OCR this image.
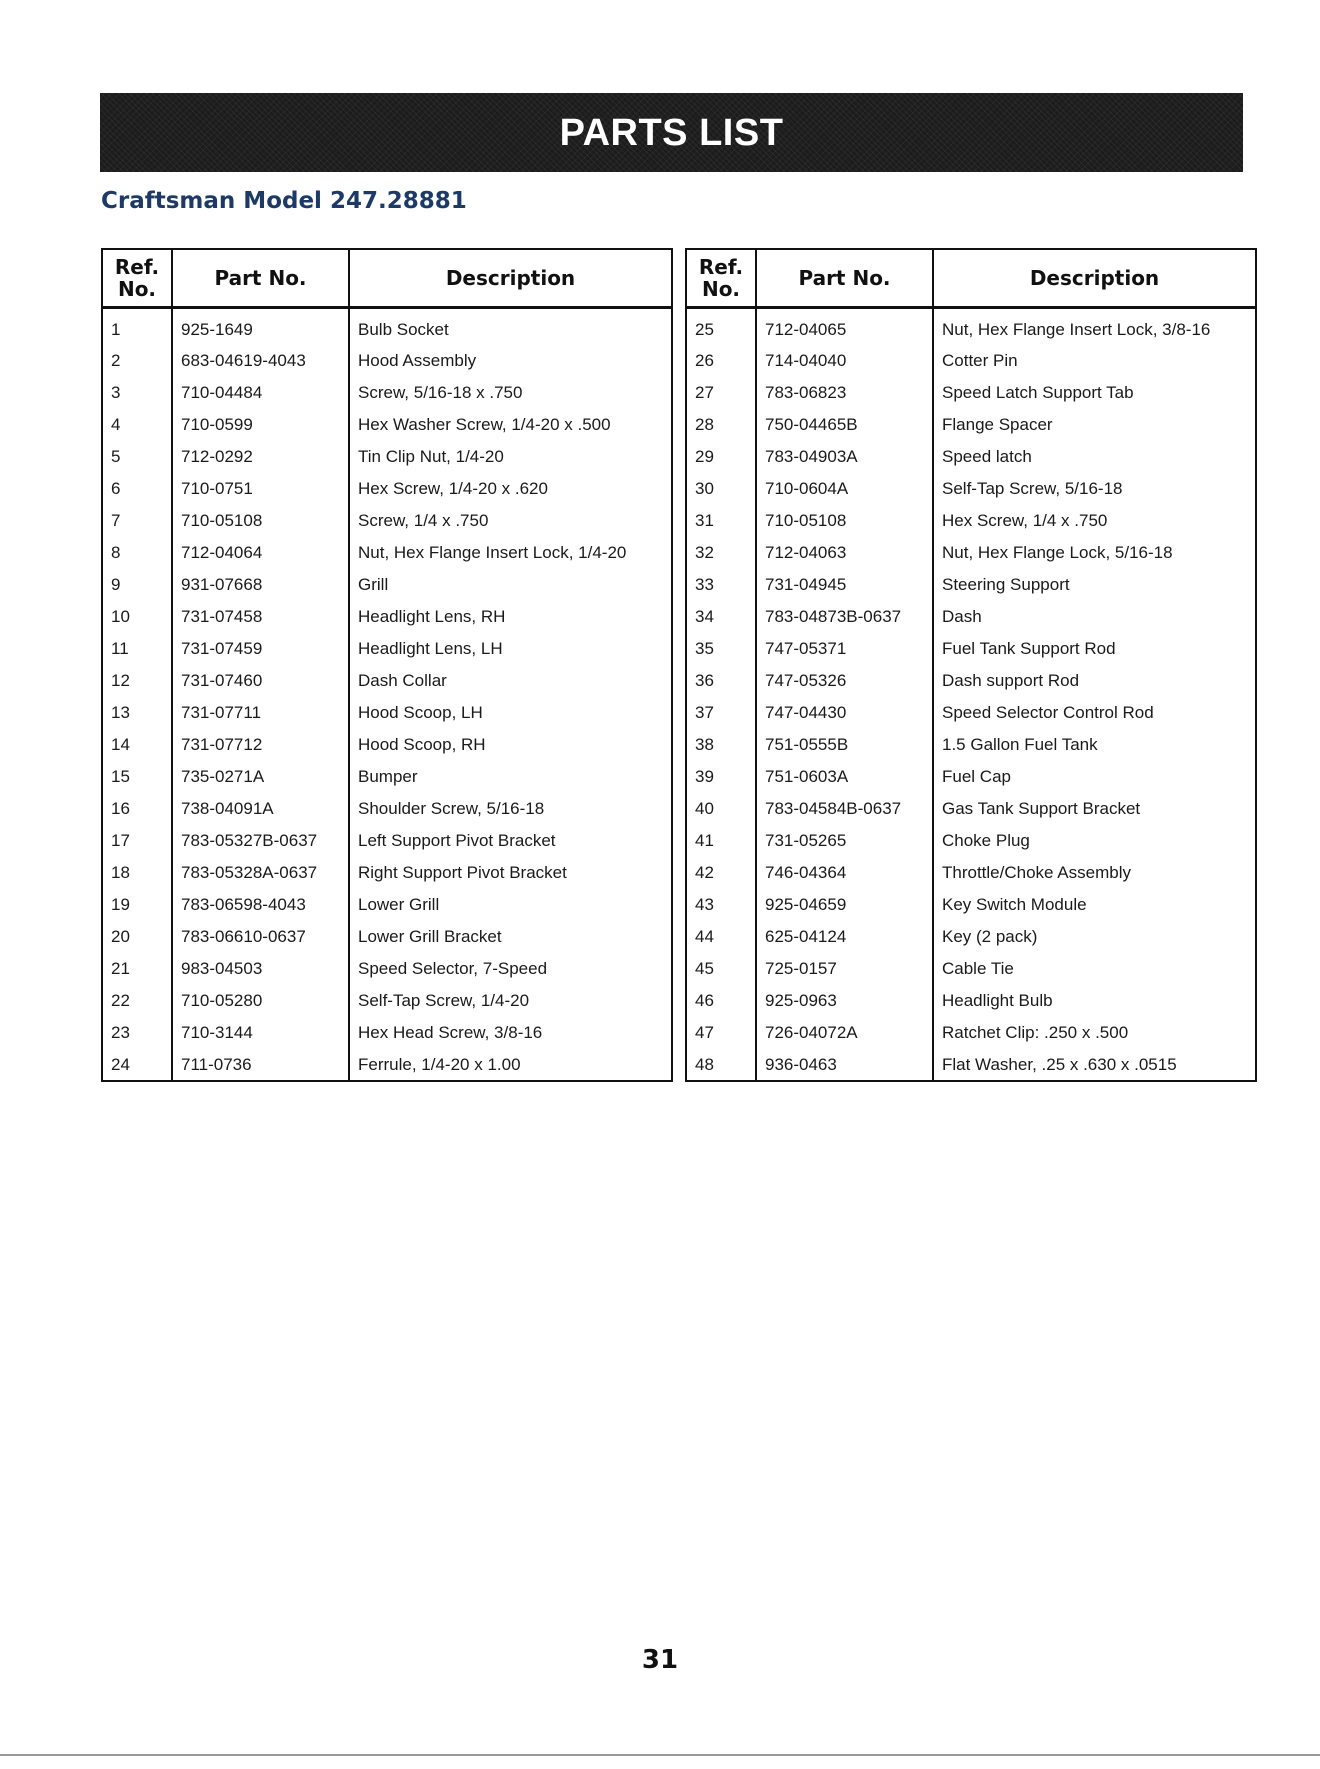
PARTS LIST
Craftsman Model 247.28881
Ref. No.	Part No.	Description
1	925-1649	Bulb Socket
2	683-04619-4043	Hood Assembly
3	710-04484	Screw, 5/16-18 x .750
4	710-0599	Hex Washer Screw, 1/4-20 x .500
5	712-0292	Tin Clip Nut, 1/4-20
6	710-0751	Hex Screw, 1/4-20 x .620
7	710-05108	Screw, 1/4 x .750
8	712-04064	Nut, Hex Flange Insert Lock, 1/4-20
9	931-07668	Grill
10	731-07458	Headlight Lens, RH
11	731-07459	Headlight Lens, LH
12	731-07460	Dash Collar
13	731-07711	Hood Scoop, LH
14	731-07712	Hood Scoop, RH
15	735-0271A	Bumper
16	738-04091A	Shoulder Screw, 5/16-18
17	783-05327B-0637	Left Support Pivot Bracket
18	783-05328A-0637	Right Support Pivot Bracket
19	783-06598-4043	Lower Grill
20	783-06610-0637	Lower Grill Bracket
21	983-04503	Speed Selector, 7-Speed
22	710-05280	Self-Tap Screw, 1/4-20
23	710-3144	Hex Head Screw, 3/8-16
24	711-0736	Ferrule, 1/4-20 x 1.00
Ref. No.	Part No.	Description
25	712-04065	Nut, Hex Flange Insert Lock, 3/8-16
26	714-04040	Cotter Pin
27	783-06823	Speed Latch Support Tab
28	750-04465B	Flange Spacer
29	783-04903A	Speed latch
30	710-0604A	Self-Tap Screw, 5/16-18
31	710-05108	Hex Screw, 1/4 x .750
32	712-04063	Nut, Hex Flange Lock, 5/16-18
33	731-04945	Steering Support
34	783-04873B-0637	Dash
35	747-05371	Fuel Tank Support Rod
36	747-05326	Dash support Rod
37	747-04430	Speed Selector Control Rod
38	751-0555B	1.5 Gallon Fuel Tank
39	751-0603A	Fuel Cap
40	783-04584B-0637	Gas Tank Support Bracket
41	731-05265	Choke Plug
42	746-04364	Throttle/Choke Assembly
43	925-04659	Key Switch Module
44	625-04124	Key (2 pack)
45	725-0157	Cable Tie
46	925-0963	Headlight Bulb
47	726-04072A	Ratchet Clip: .250 x .500
48	936-0463	Flat Washer, .25 x .630 x .0515
31
